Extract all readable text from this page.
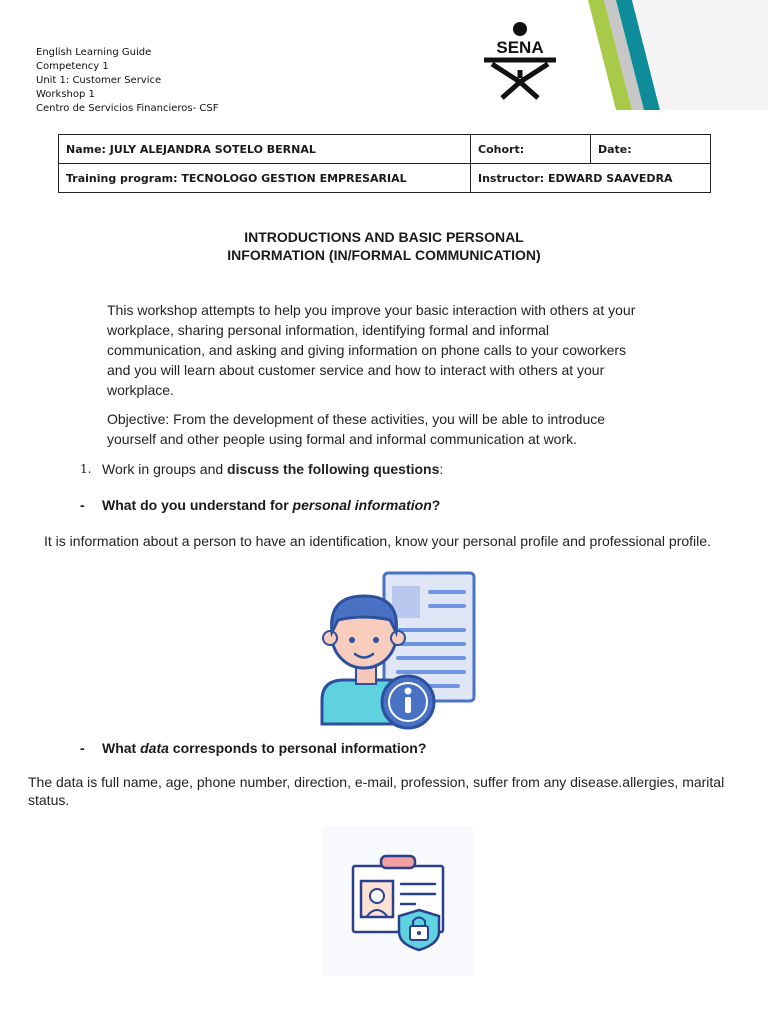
English Learning Guide
Competency 1
Unit 1: Customer Service
Workshop 1
Centro de Servicios Financieros- CSF
SENA
Name: JULY ALEJANDRA SOTELO BERNAL	Cohort:	Date:
Training program: TECNOLOGO GESTION EMPRESARIAL	Instructor: EDWARD SAAVEDRA	
INTRODUCTIONS AND BASIC PERSONAL
INFORMATION (IN/FORMAL COMMUNICATION)
This workshop attempts to help you improve your basic interaction with others at your workplace, sharing personal information, identifying formal and informal communication, and asking and giving information on phone calls to your coworkers and you will learn about customer service and how to interact with others at your workplace.
Objective: From the development of these activities, you will be able to introduce yourself and other people using formal and informal communication at work.
1. Work in groups and discuss the following questions:
- What do you understand for personal information?
It is information about a person to have an identification, know your personal profile and professional profile.
- What data corresponds to personal information?
The data is full name, age, phone number, direction, e-mail, profession, suffer from any disease.allergies, marital status.
